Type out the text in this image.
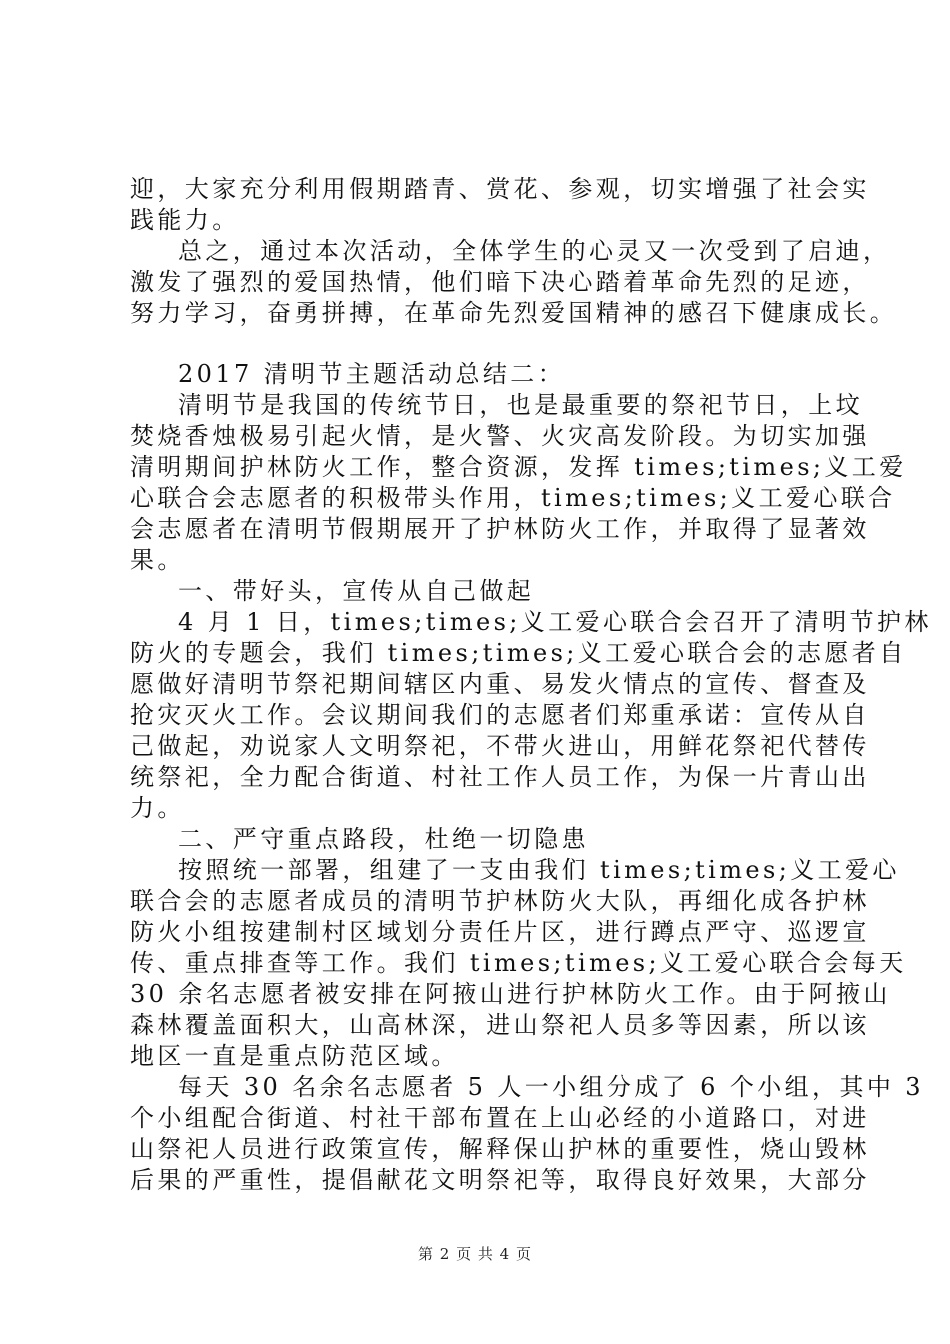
迎，大家充分利用假期踏青、赏花、参观，切实增强了社会实
践能力。
总之，通过本次活动，全体学生的心灵又一次受到了启迪，
激发了强烈的爱国热情，他们暗下决心踏着革命先烈的足迹，
努力学习，奋勇拼搏，在革命先烈爱国精神的感召下健康成长。
2017 清明节主题活动总结二：
清明节是我国的传统节日，也是最重要的祭祀节日，上坟
焚烧香烛极易引起火情，是火警、火灾高发阶段。为切实加强
清明期间护林防火工作，整合资源，发挥 times;times;义工爱
心联合会志愿者的积极带头作用，times;times;义工爱心联合
会志愿者在清明节假期展开了护林防火工作，并取得了显著效
果。
一、带好头，宣传从自己做起
4 月 1 日，times;times;义工爱心联合会召开了清明节护林
防火的专题会，我们 times;times;义工爱心联合会的志愿者自
愿做好清明节祭祀期间辖区内重、易发火情点的宣传、督查及
抢灾灭火工作。会议期间我们的志愿者们郑重承诺：宣传从自
己做起，劝说家人文明祭祀，不带火进山，用鲜花祭祀代替传
统祭祀，全力配合街道、村社工作人员工作，为保一片青山出
力。
二、严守重点路段，杜绝一切隐患
按照统一部署，组建了一支由我们 times;times;义工爱心
联合会的志愿者成员的清明节护林防火大队，再细化成各护林
防火小组按建制村区域划分责任片区，进行蹲点严守、巡逻宣
传、重点排查等工作。我们 times;times;义工爱心联合会每天
30 余名志愿者被安排在阿掖山进行护林防火工作。由于阿掖山
森林覆盖面积大，山高林深，进山祭祀人员多等因素，所以该
地区一直是重点防范区域。
每天 30 名余名志愿者 5 人一小组分成了 6 个小组，其中 3
个小组配合街道、村社干部布置在上山必经的小道路口，对进
山祭祀人员进行政策宣传，解释保山护林的重要性，烧山毁林
后果的严重性，提倡献花文明祭祀等，取得良好效果，大部分
第 2 页 共 4 页
